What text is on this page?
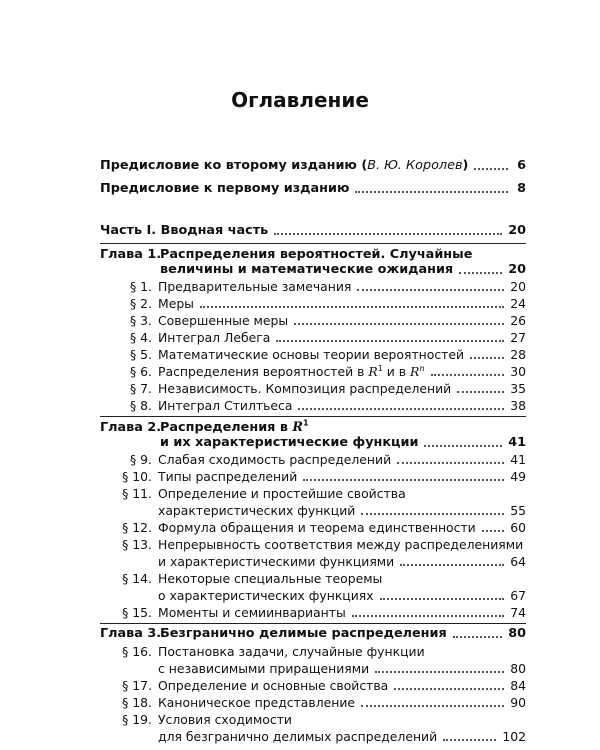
Оглавление
Предисловие ко второму изданию (В. Ю. Королев)	6
Предисловие к первому изданию	8
Часть I. Вводная часть	20
Глава 1.Распределения вероятностей. Случайные
величины и математические ожидания	20
§ 1. Предварительные замечания	20
§ 2. Меры	24
§ 3. Совершенные меры	26
§ 4. Интеграл Лебега	27
§ 5. Математические основы теории вероятностей	28
§ 6. Распределения вероятностей в $R^1$ и в $R^n$	30
§ 7. Независимость. Композиция распределений	35
§ 8. Интеграл Стилтьеса	38
Глава 2.Распределения в $R^1$
и их характеристические функции	41
§ 9. Слабая сходимость распределений	41
§ 10. Типы распределений	49
§ 11. Определение и простейшие свойства
характеристических функций	55
§ 12. Формула обращения и теорема единственности	60
§ 13. Непрерывность соответствия между распределениями
и характеристическими функциями	64
§ 14. Некоторые специальные теоремы
о характеристических функциях	67
§ 15. Моменты и семиинварианты	74
Глава 3.Безгранично делимые распределения	80
§ 16. Постановка задачи, случайные функции
с независимыми приращениями	80
§ 17. Определение и основные свойства	84
§ 18. Каноническое представление	90
§ 19. Условия сходимости
для безгранично делимых распределений	102
